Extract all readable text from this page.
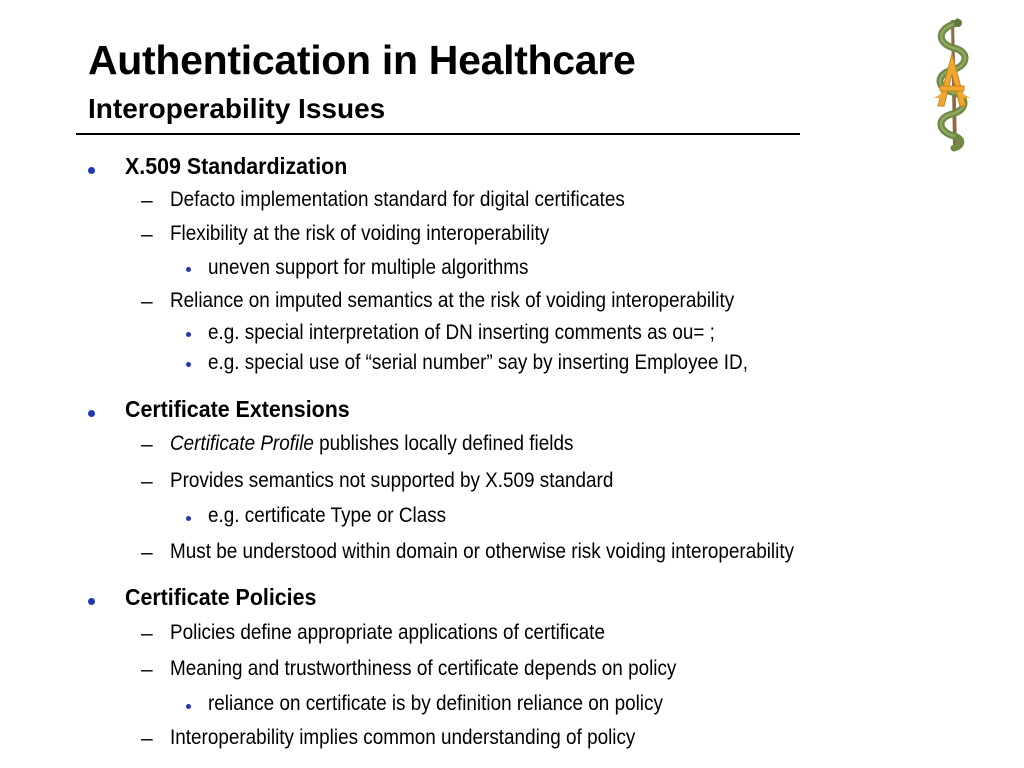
Authentication in Healthcare
Interoperability Issues
X.509 Standardization
– Defacto implementation standard for digital certificates
– Flexibility at the risk of voiding interoperability
uneven support for multiple algorithms
– Reliance on imputed semantics at the risk of voiding interoperability
e.g. special interpretation of DN inserting comments as ou= ;
e.g. special use of “serial number” say by inserting Employee ID,
Certificate Extensions
– Certificate Profile publishes locally defined fields
– Provides semantics not supported by X.509 standard
e.g. certificate Type or Class
– Must be understood within domain or otherwise risk voiding interoperability
Certificate Policies
– Policies define appropriate applications of certificate
– Meaning and trustworthiness of certificate depends on policy
reliance on certificate is by definition reliance on policy
– Interoperability implies common understanding of policy
